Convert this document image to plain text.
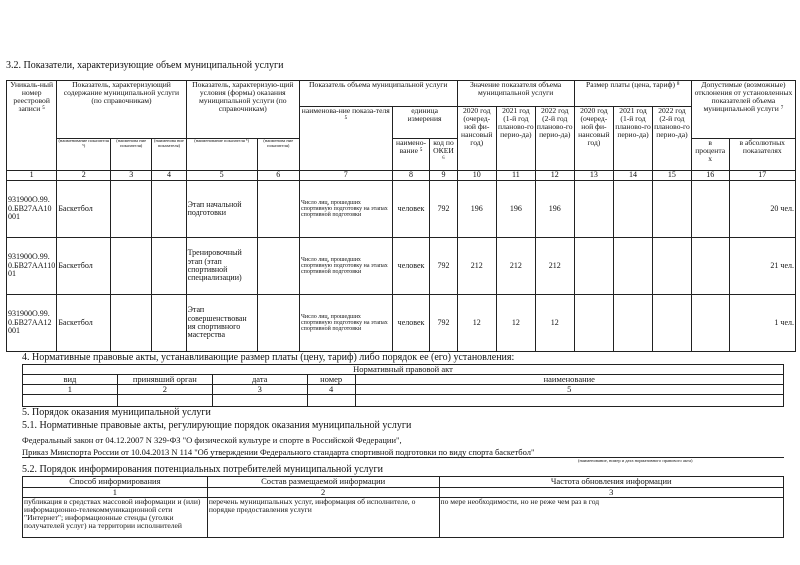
3.2. Показатели, характеризующие объем муниципальной услуги
Уникаль-ный номер реестровой записи ⁵	Показатель, характеризующий содержание муниципальной услуги (по справочникам)			Показатель, характеризую-щий условия (формы) оказания муниципальной услуги (по справочникам)		Показатель объема муниципальной услуги			Значение показателя объема муниципальной услуги			Размер платы (цена, тариф) ⁸			Допустимые (возможные) отклонения от установленных показателей объема муниципальной услуги ⁷	
						наименова-ние показа-теля ⁵	единица измерения		2020 год (очеред-ной фи-нансовый год)	2021 год (1-й год планово-го перио-да)	2022 год (2-й год планово-го перио-да)	2020 год (очеред-ной фи-нансовый год)	2021 год (1-й год планово-го перио-да)	2022 год (2-й год планово-го перио-да)		
	(наименование показателя ⁵)	(наименова ние показателя)	(наименова ние показателя)	(наименование показателя ⁵)	(наименова ние показателя)		наимено-вание ⁵	код по ОКЕИ ⁶							в процента х	в абсолютных показателях
1	2	3	4	5	6	7	8	9	10	11	12	13	14	15	16	17
931900О.99.0.БВ27АА10001	Баскетбол			Этап начальной подготовки		Число лиц, прошедших спортивную подготовку на этапах спортивной подготовки	человек	792	196	196	196					20 чел.
931900О.99.0.БВ27АА11001	Баскетбол			Тренировочный этап (этап спортивной специализации)		Число лиц, прошедших спортивную подготовку на этапах спортивной подготовки	человек	792	212	212	212					21 чел.
931900О.99.0.БВ27АА12001	Баскетбол			Этап совершенствован ия спортивного мастерства		Число лиц, прошедших спортивную подготовку на этапах спортивной подготовки	человек	792	12	12	12					1 чел.
4. Нормативные правовые акты, устанавливающие размер платы (цену, тариф) либо порядок ее (его) установления:
Нормативный правовой акт				
вид	принявший орган	дата	номер	наименование
1	2	3	4	5

5. Порядок оказания муниципальной услуги
5.1. Нормативные правовые акты, регулирующие порядок оказания муниципальной услуги
Федеральный закон от 04.12.2007 N 329-ФЗ "О физической культуре и спорте в Российской Федерации",
Приказ Минспорта России от 10.04.2013 N 114 "Об утверждении Федерального стандарта спортивной подготовки по виду спорта баскетбол"
(наименование, номер и дата нормативного правового акта)
5.2. Порядок информирования потенциальных потребителей муниципальной услуги
Способ информирования	Состав размещаемой информации	Частота обновления информации
1	2	3
публикация в средствах массовой информации и (или) информационно-телекоммуникационной сети "Интернет"; информационные стенды (уголки получателей услуг) на территории исполнителей	перечень муниципальных услуг, информация об исполнителе, о порядке предоставления услуги	по мере необходимости, но не реже чем раз в год
